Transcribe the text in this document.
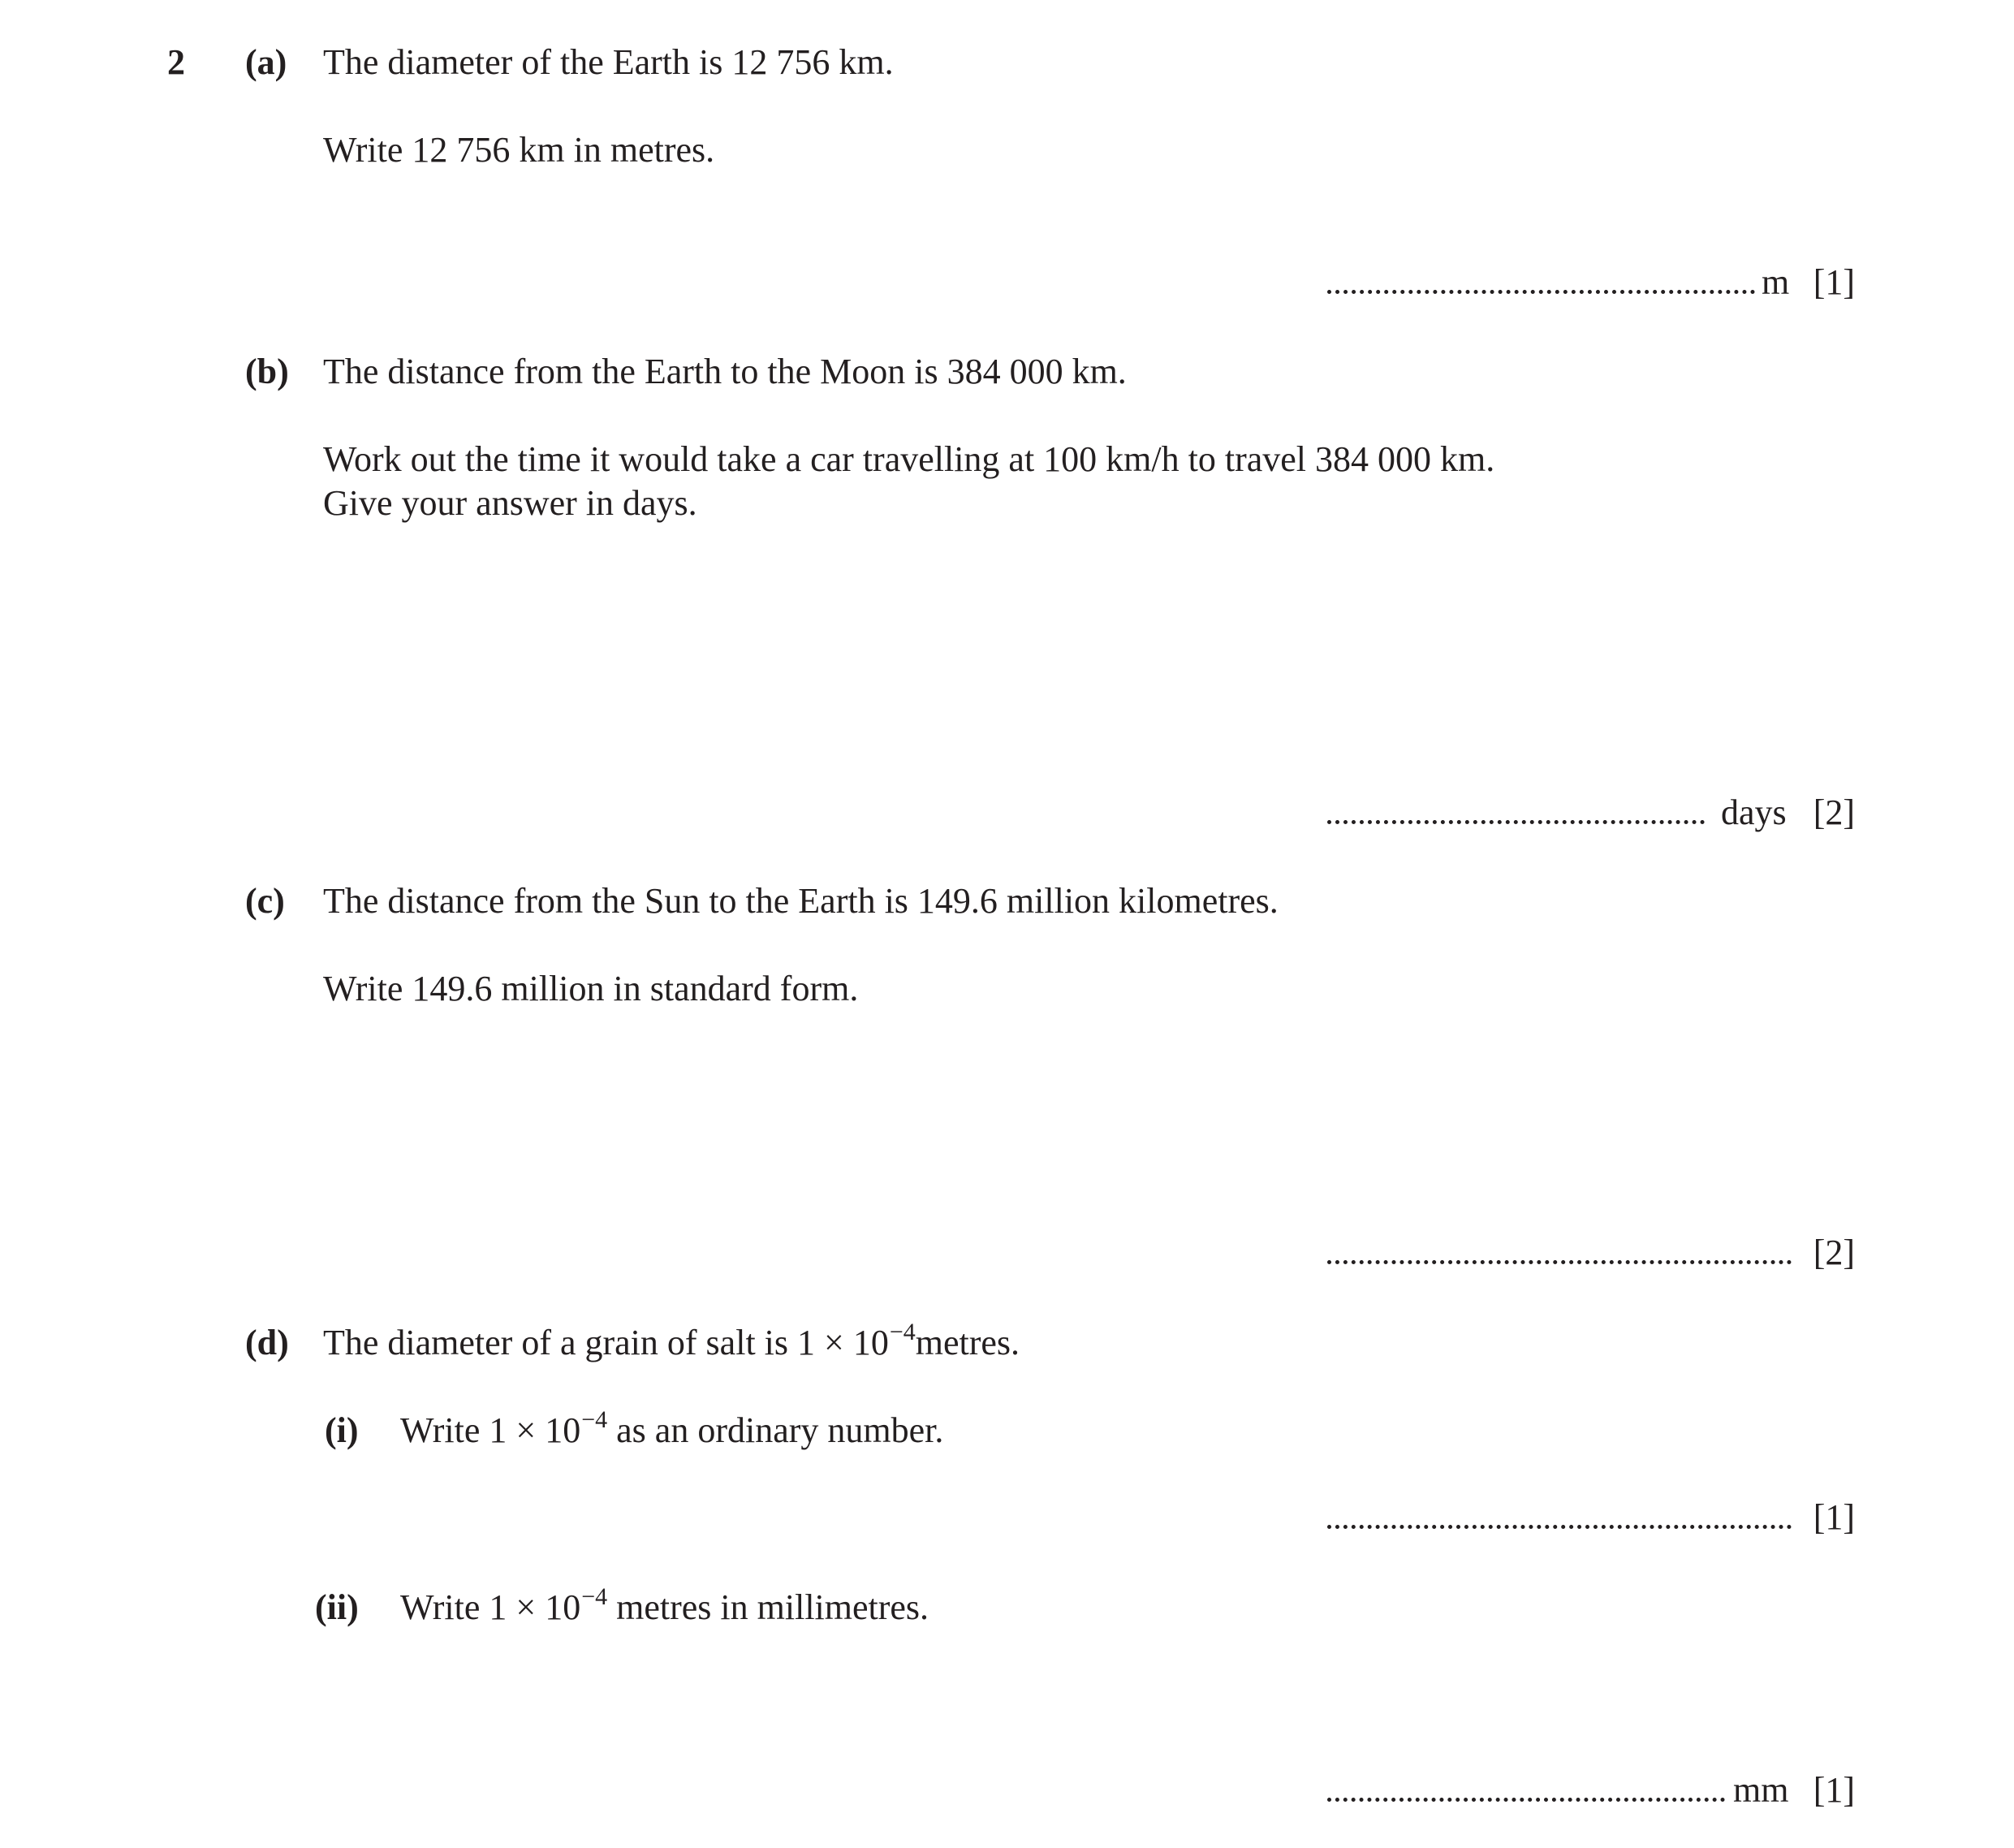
2 (a) The diameter of the Earth is 12 756 km.
Write 12 756 km in metres.
m [1]
(b) The distance from the Earth to the Moon is 384 000 km.
Work out the time it would take a car travelling at 100 km/h to travel 384 000 km.
Give your answer in days.
days [2]
(c) The distance from the Sun to the Earth is 149.6 million kilometres.
Write 149.6 million in standard form.
[2]
(d) The diameter of a grain of salt is $1 \times 10^{-4}metres$.
(i) Write $1 \times 10^{-4}$ as an ordinary number.
[1]
(ii) Write $1 \times 10^{-4}$ metres in millimetres.
mm [1]
